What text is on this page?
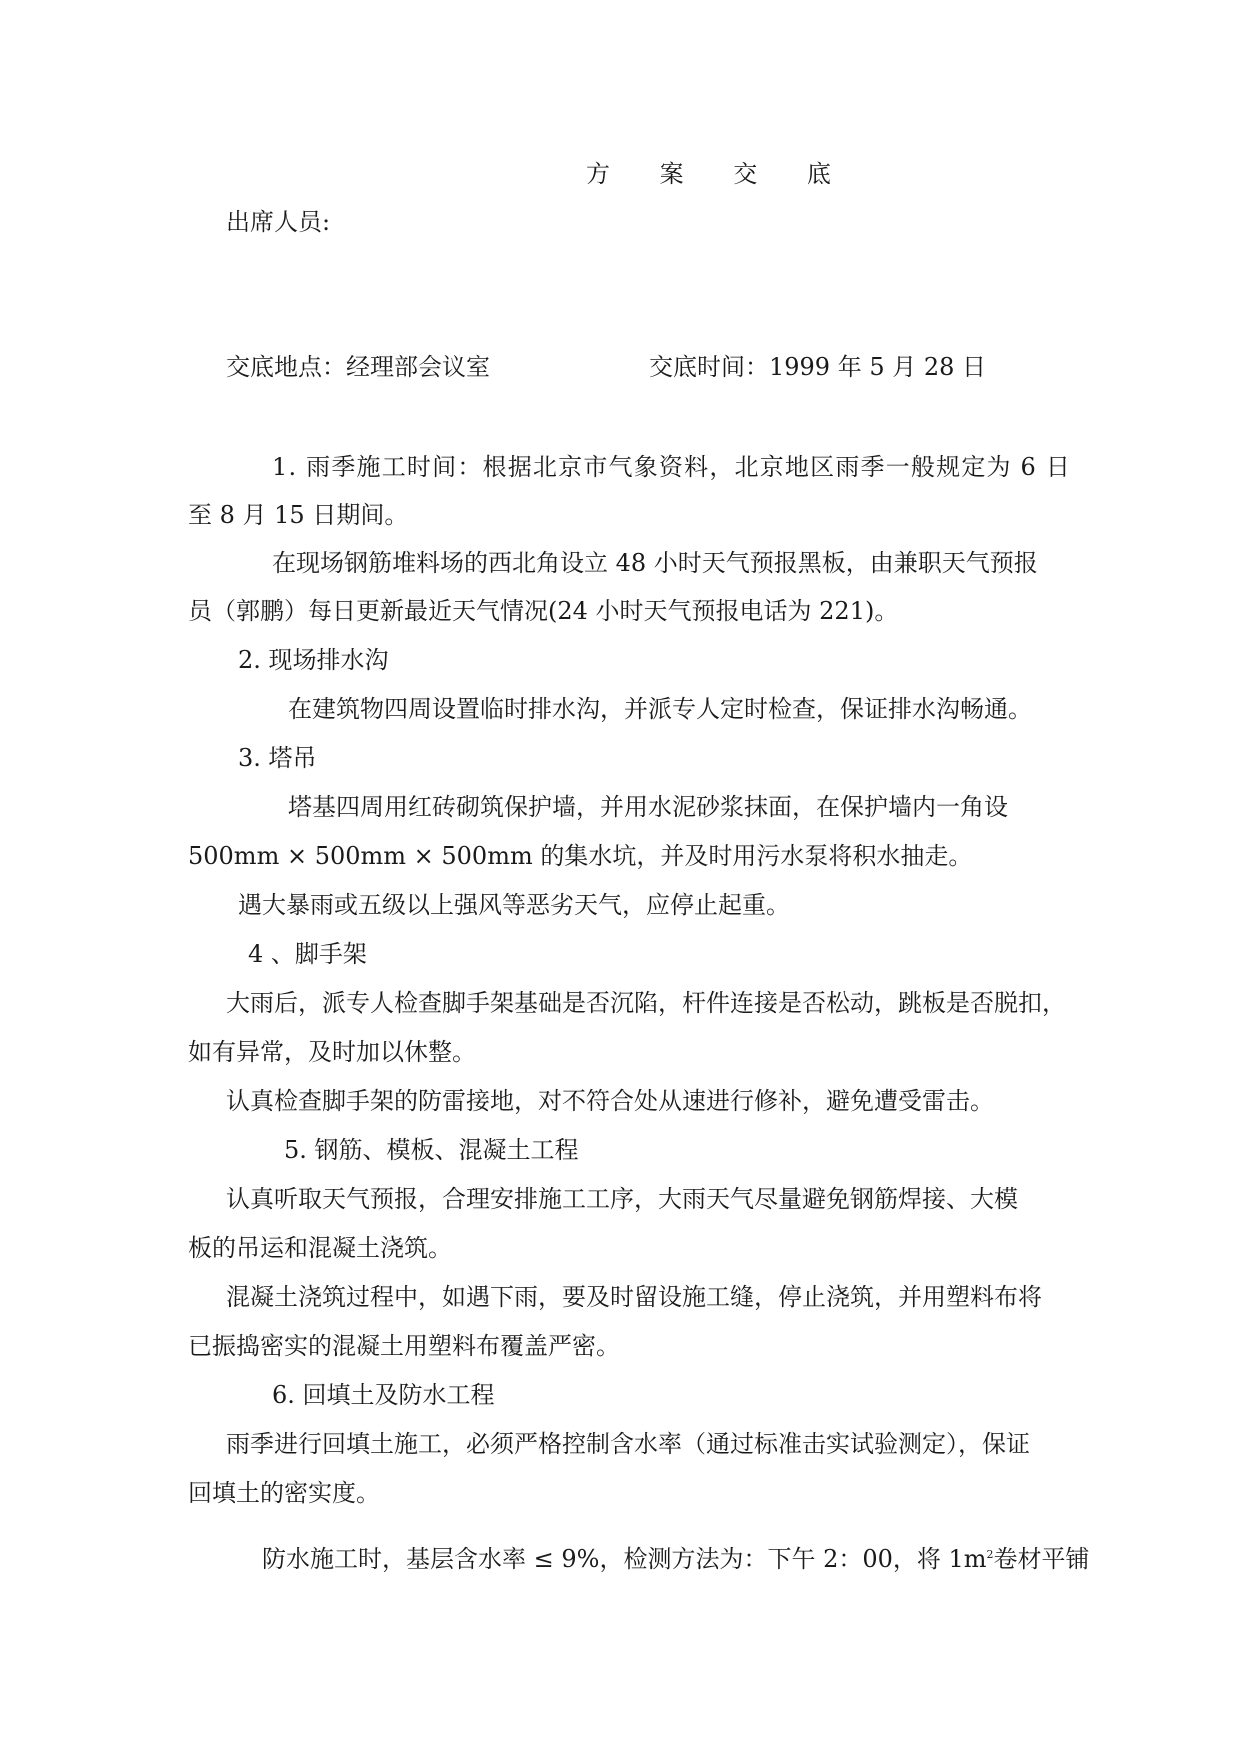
方 案 交 底
出席人员:
交底地点：经理部会议室	交底时间：1999 年 5 月 28 日
1. 雨季施工时间：根据北京市气象资料，北京地区雨季一般规定为 6 日
至 8 月 15 日期间。
在现场钢筋堆料场的西北角设立 48 小时天气预报黑板，由兼职天气预报
员（郭鹏）每日更新最近天气情况(24 小时天气预报电话为 221)。
2. 现场排水沟
在建筑物四周设置临时排水沟，并派专人定时检查，保证排水沟畅通。
3. 塔吊
塔基四周用红砖砌筑保护墙，并用水泥砂浆抹面，在保护墙内一角设
500mm × 500mm × 500mm 的集水坑，并及时用污水泵将积水抽走。
遇大暴雨或五级以上强风等恶劣天气，应停止起重。
4 、脚手架
大雨后，派专人检查脚手架基础是否沉陷，杆件连接是否松动，跳板是否脱扣，
如有异常，及时加以休整。
认真检查脚手架的防雷接地，对不符合处从速进行修补，避免遭受雷击。
5. 钢筋、模板、混凝土工程
认真听取天气预报，合理安排施工工序，大雨天气尽量避免钢筋焊接、大模
板的吊运和混凝土浇筑。
混凝土浇筑过程中，如遇下雨，要及时留设施工缝，停止浇筑，并用塑料布将
已振捣密实的混凝土用塑料布覆盖严密。
6. 回填土及防水工程
雨季进行回填土施工，必须严格控制含水率（通过标准击实试验测定），保证
回填土的密实度。
防水施工时，基层含水率 ≤ 9%，检测方法为：下午 2：00，将 $1m^2$卷材平铺
